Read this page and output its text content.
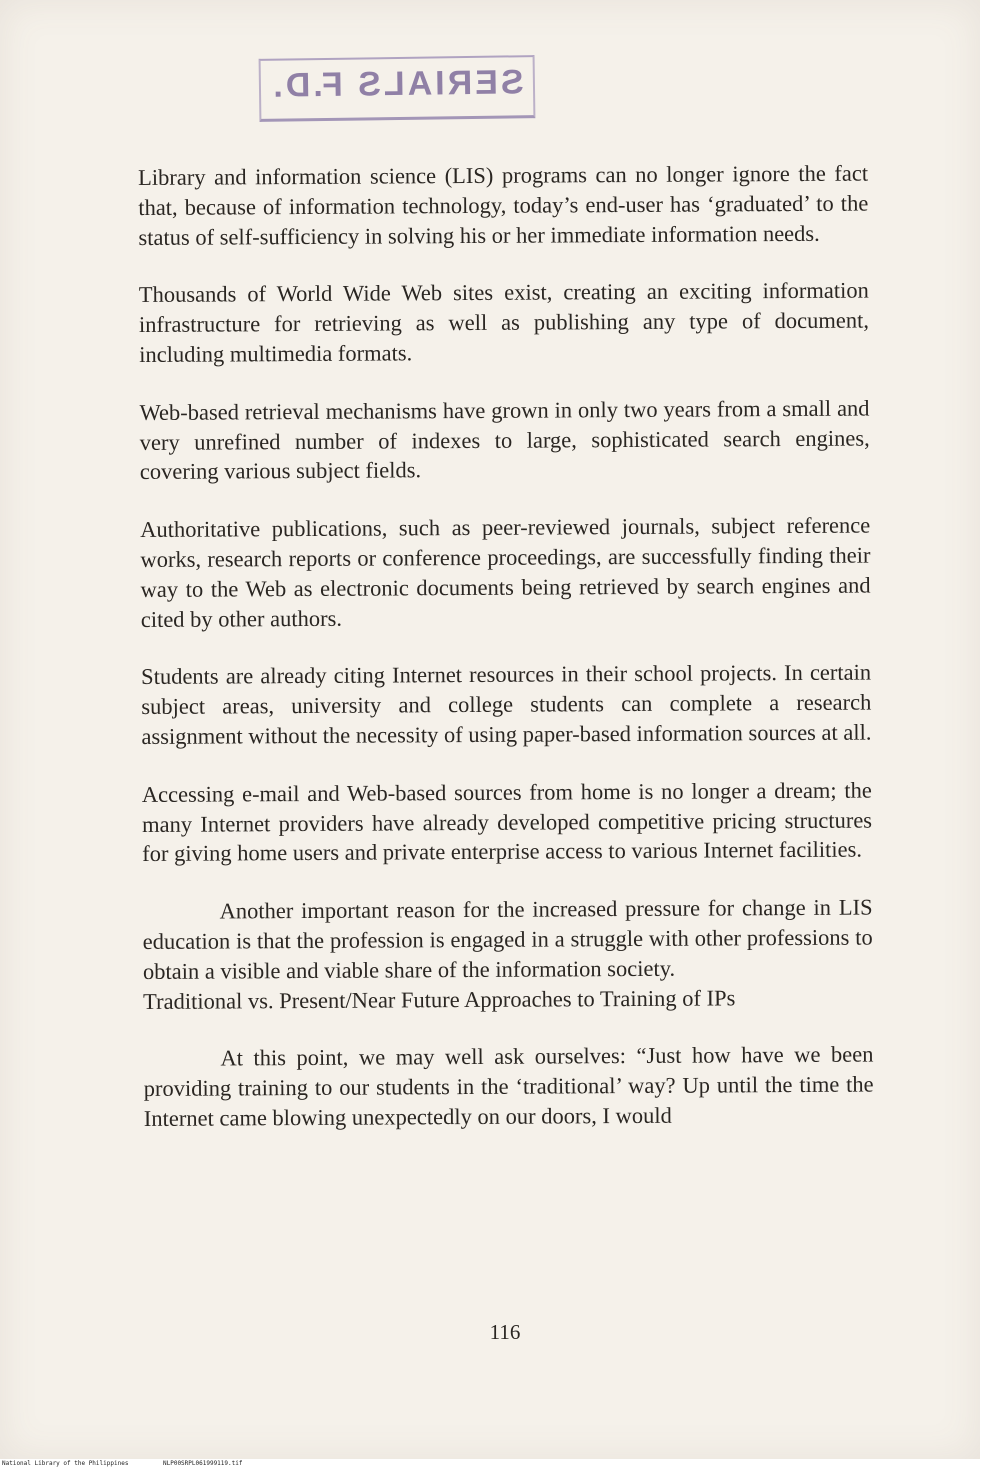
SERIALS F.D.

Library and information science (LIS) programs can no longer ignore the fact that, because of information technology, today’s end-user has ‘graduated’ to the status of self-sufficiency in solving his or her immediate information needs.

Thousands of World Wide Web sites exist, creating an exciting information infrastructure for retrieving as well as publishing any type of document, including multimedia formats.

Web-based retrieval mechanisms have grown in only two years from a small and very unrefined number of indexes to large, sophisticated search engines, covering various subject fields.

Authoritative publications, such as peer-reviewed journals, subject reference works, research reports or conference proceedings, are successfully finding their way to the Web as electronic documents being retrieved by search engines and cited by other authors.

Students are already citing Internet resources in their school projects. In certain subject areas, university and college students can complete a research assignment without the necessity of using paper-based information sources at all.

Accessing e-mail and Web-based sources from home is no longer a dream; the many Internet providers have already developed competitive pricing structures for giving home users and private enterprise access to various Internet facilities.

Another important reason for the increased pressure for change in LIS education is that the profession is engaged in a struggle with other professions to obtain a visible and viable share of the information society.

Traditional vs. Present/Near Future Approaches to Training of IPs

At this point, we may well ask ourselves: “Just how have we been providing training to our students in the ‘traditional’ way? Up until the time the Internet came blowing unexpectedly on our doors, I would

116
National Library of the Philippines	NLP00SRPL061999119.tif
